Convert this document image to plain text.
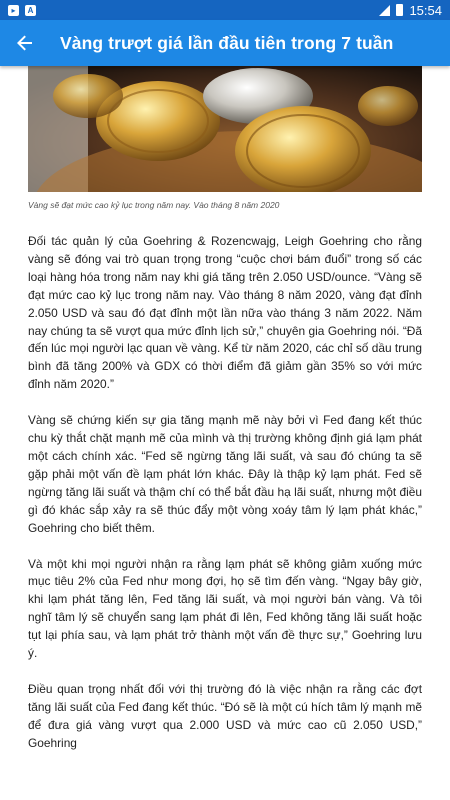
▸	A	15:54
Vàng trượt giá lần đầu tiên trong 7 tuần

Vàng sẽ đạt mức cao kỷ lục trong năm nay. Vào tháng 8 năm 2020

Đối tác quản lý của Goehring & Rozencwajg, Leigh Goehring cho rằng vàng sẽ đóng vai trò quan trọng trong “cuộc chơi bám đuổi” trong số các loại hàng hóa trong năm nay khi giá tăng trên 2.050 USD/ounce. “Vàng sẽ đạt mức cao kỷ lục trong năm nay. Vào tháng 8 năm 2020, vàng đạt đỉnh 2.050 USD và sau đó đạt đỉnh một lần nữa vào tháng 3 năm 2022. Năm nay chúng ta sẽ vượt qua mức đỉnh lịch sử,” chuyên gia Goehring nói. “Đã đến lúc mọi người lạc quan về vàng. Kể từ năm 2020, các chỉ số dầu trung bình đã tăng 200% và GDX có thời điểm đã giảm gần 35% so với mức đỉnh năm 2020.”

Vàng sẽ chứng kiến sự gia tăng mạnh mẽ này bởi vì Fed đang kết thúc chu kỳ thắt chặt mạnh mẽ của mình và thị trường không định giá lạm phát một cách chính xác. “Fed sẽ ngừng tăng lãi suất, và sau đó chúng ta sẽ gặp phải một vấn đề lạm phát lớn khác. Đây là thập kỷ lạm phát. Fed sẽ ngừng tăng lãi suất và thậm chí có thể bắt đầu hạ lãi suất, nhưng một điều gì đó khác sắp xảy ra sẽ thúc đẩy một vòng xoáy tâm lý lạm phát khác,” Goehring cho biết thêm.

Và một khi mọi người nhận ra rằng lạm phát sẽ không giảm xuống mức mục tiêu 2% của Fed như mong đợi, họ sẽ tìm đến vàng. “Ngay bây giờ, khi lạm phát tăng lên, Fed tăng lãi suất, và mọi người bán vàng. Và tôi nghĩ tâm lý sẽ chuyển sang lạm phát đi lên, Fed không tăng lãi suất hoặc tụt lại phía sau, và lạm phát trở thành một vấn đề thực sự,” Goehring lưu ý.

Điều quan trọng nhất đối với thị trường đó là việc nhận ra rằng các đợt tăng lãi suất của Fed đang kết thúc. “Đó sẽ là một cú hích tâm lý mạnh mẽ để đưa giá vàng vượt qua 2.000 USD và mức cao cũ 2.050 USD,” Goehring
